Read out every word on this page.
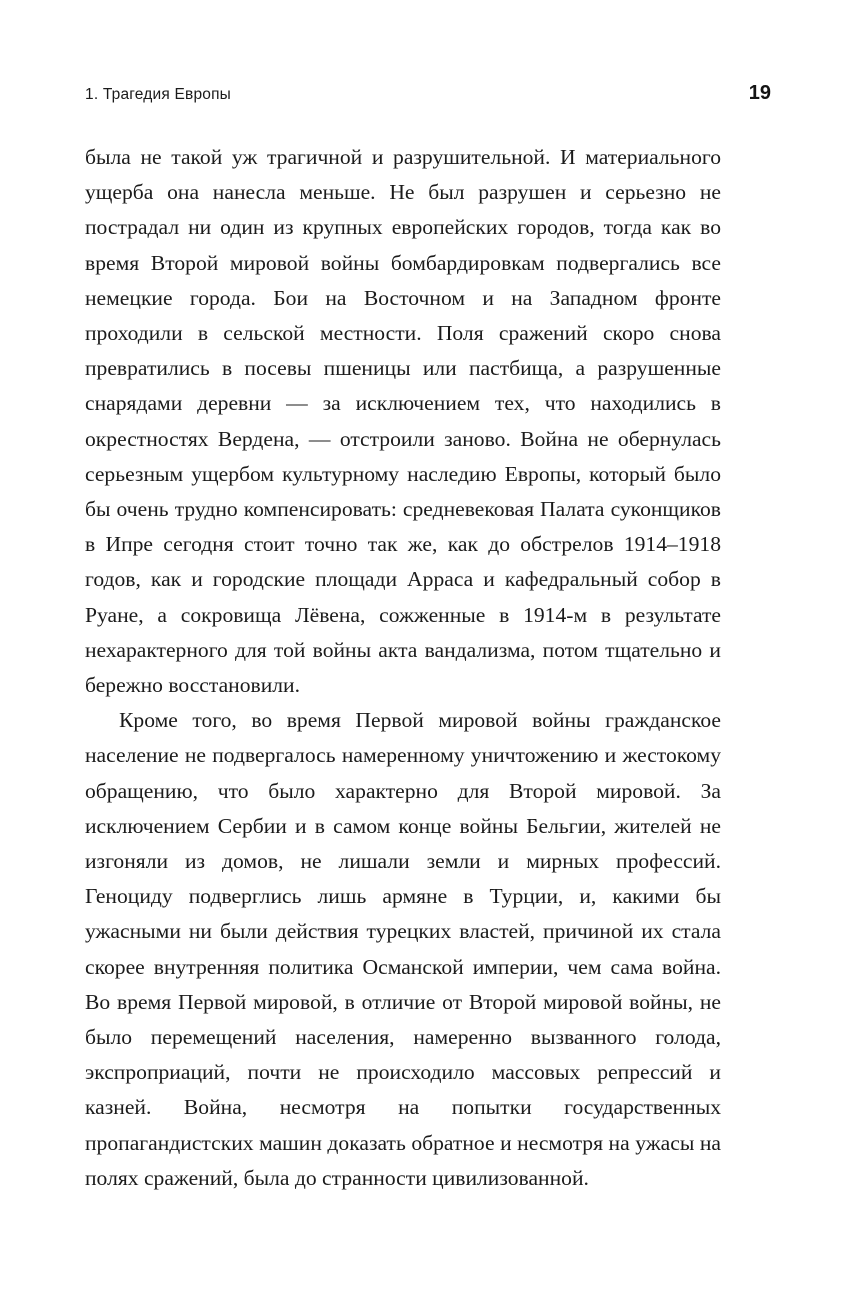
1. Трагедия Европы	19

была не такой уж трагичной и разрушительной. И материального ущерба она нанесла меньше. Не был разрушен и серьезно не пострадал ни один из крупных европейских городов, тогда как во время Второй мировой войны бомбардировкам подвергались все немецкие города. Бои на Восточном и на Западном фронте проходили в сельской местности. Поля сражений скоро снова превратились в посевы пшеницы или пастбища, а разрушенные снарядами деревни — за исключением тех, что находились в окрестностях Вердена, — отстроили заново. Война не обернулась серьезным ущербом культурному наследию Европы, который было бы очень трудно компенсировать: средневековая Палата суконщиков в Ипре сегодня стоит точно так же, как до обстрелов 1914–1918 годов, как и городские площади Арраса и кафедральный собор в Руане, а сокровища Лёвена, сожженные в 1914-м в результате нехарактерного для той войны акта вандализма, потом тщательно и бережно восстановили.

Кроме того, во время Первой мировой войны гражданское население не подвергалось намеренному уничтожению и жестокому обращению, что было характерно для Второй мировой. За исключением Сербии и в самом конце войны Бельгии, жителей не изгоняли из домов, не лишали земли и мирных профессий. Геноциду подверглись лишь армяне в Турции, и, какими бы ужасными ни были действия турецких властей, причиной их стала скорее внутренняя политика Османской империи, чем сама война. Во время Первой мировой, в отличие от Второй мировой войны, не было перемещений населения, намеренно вызванного голода, экспроприаций, почти не происходило массовых репрессий и казней. Война, несмотря на попытки государственных пропагандистских машин доказать обратное и несмотря на ужасы на полях сражений, была до странности цивилизованной.
